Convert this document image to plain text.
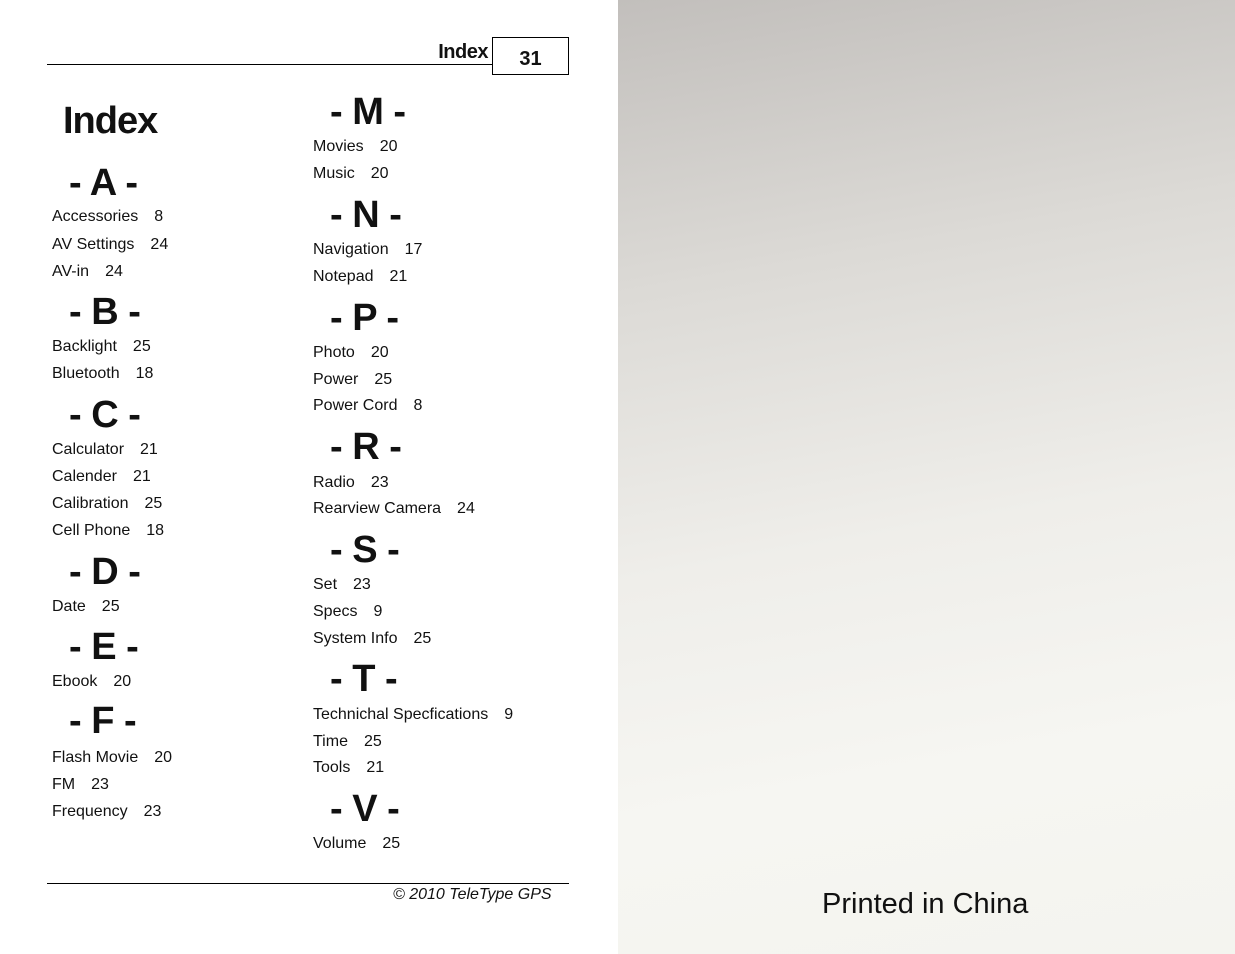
Index	31
Index
- A -
Accessories 8
AV Settings 24
AV-in 24
- B -
Backlight 25
Bluetooth 18
- C -
Calculator 21
Calender 21
Calibration 25
Cell Phone 18
- D -
Date 25
- E -
Ebook 20
- F -
Flash Movie 20
FM 23
Frequency 23
- M -
Movies 20
Music 20
- N -
Navigation 17
Notepad 21
- P -
Photo 20
Power 25
Power Cord 8
- R -
Radio 23
Rearview Camera 24
- S -
Set 23
Specs 9
System Info 25
- T -
Technichal Specfications 9
Time 25
Tools 21
- V -
Volume 25
© 2010 TeleType GPS	Printed in China
